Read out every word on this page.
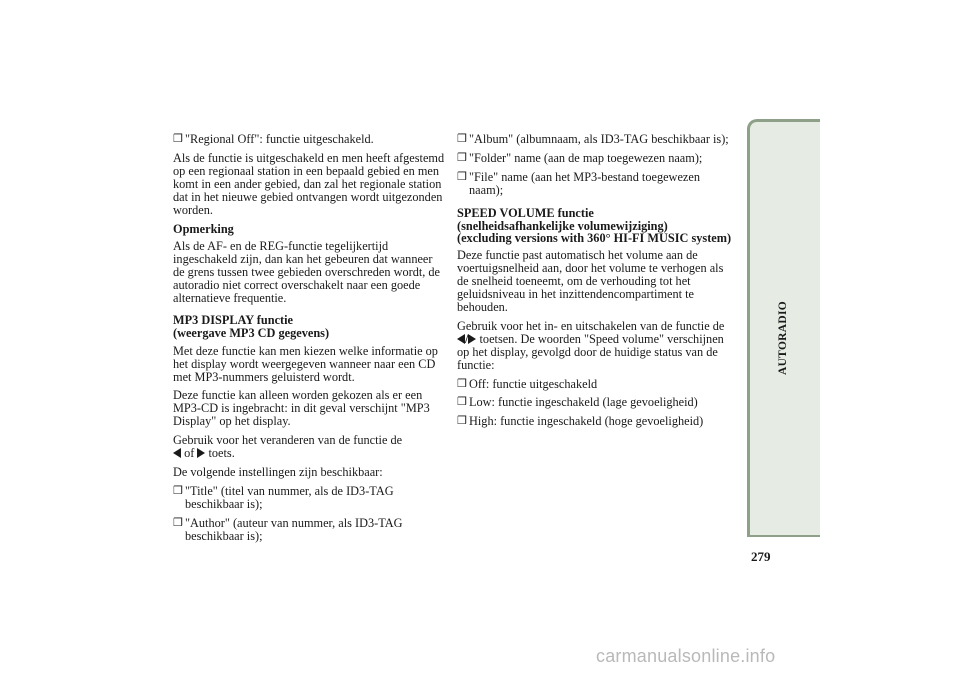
❒ "Regional Off": functie uitgeschakeld.

Als de functie is uitgeschakeld en men heeft afgestemd op een regionaal station in een bepaald gebied en men komt in een ander gebied, dan zal het regionale station dat in het nieuwe gebied ontvangen wordt uitgezonden worden.

Opmerking

Als de AF- en de REG-functie tegelijkertijd ingeschakeld zijn, dan kan het gebeuren dat wanneer de grens tussen twee gebieden overschreden wordt, de autoradio niet correct overschakelt naar een goede alternatieve frequentie.

MP3 DISPLAY functie
(weergave MP3 CD gegevens)

Met deze functie kan men kiezen welke informatie op het display wordt weergegeven wanneer naar een CD met MP3-nummers geluisterd wordt.

Deze functie kan alleen worden gekozen als er een MP3-CD is ingebracht: in dit geval verschijnt "MP3 Display" op het display.

Gebruik voor het veranderen van de functie de
of toets.

De volgende instellingen zijn beschikbaar:

❒ "Title" (titel van nummer, als de ID3-TAG beschikbaar is);
❒ "Author" (auteur van nummer, als ID3-TAG beschikbaar is);
❒ "Album" (albumnaam, als ID3-TAG beschikbaar is);
❒ "Folder" name (aan de map toegewezen naam);
❒ "File" name (aan het MP3-bestand toegewezen naam);
SPEED VOLUME functie
(snelheidsafhankelijke volumewijziging)
(excluding versions with 360° HI-FI MUSIC system)

Deze functie past automatisch het volume aan de voertuigsnelheid aan, door het volume te verhogen als de snelheid toeneemt, om de verhouding tot het geluidsniveau in het inzittendencompartiment te behouden.

Gebruik voor het in- en uitschakelen van de functie de / toetsen. De woorden "Speed volume" verschijnen op het display, gevolgd door de huidige status van de functie:

❒ Off: functie uitgeschakeld
❒ Low: functie ingeschakeld (lage gevoeligheid)
❒ High: functie ingeschakeld (hoge gevoeligheid)
AUTORADIO
279
carmanualsonline.info
